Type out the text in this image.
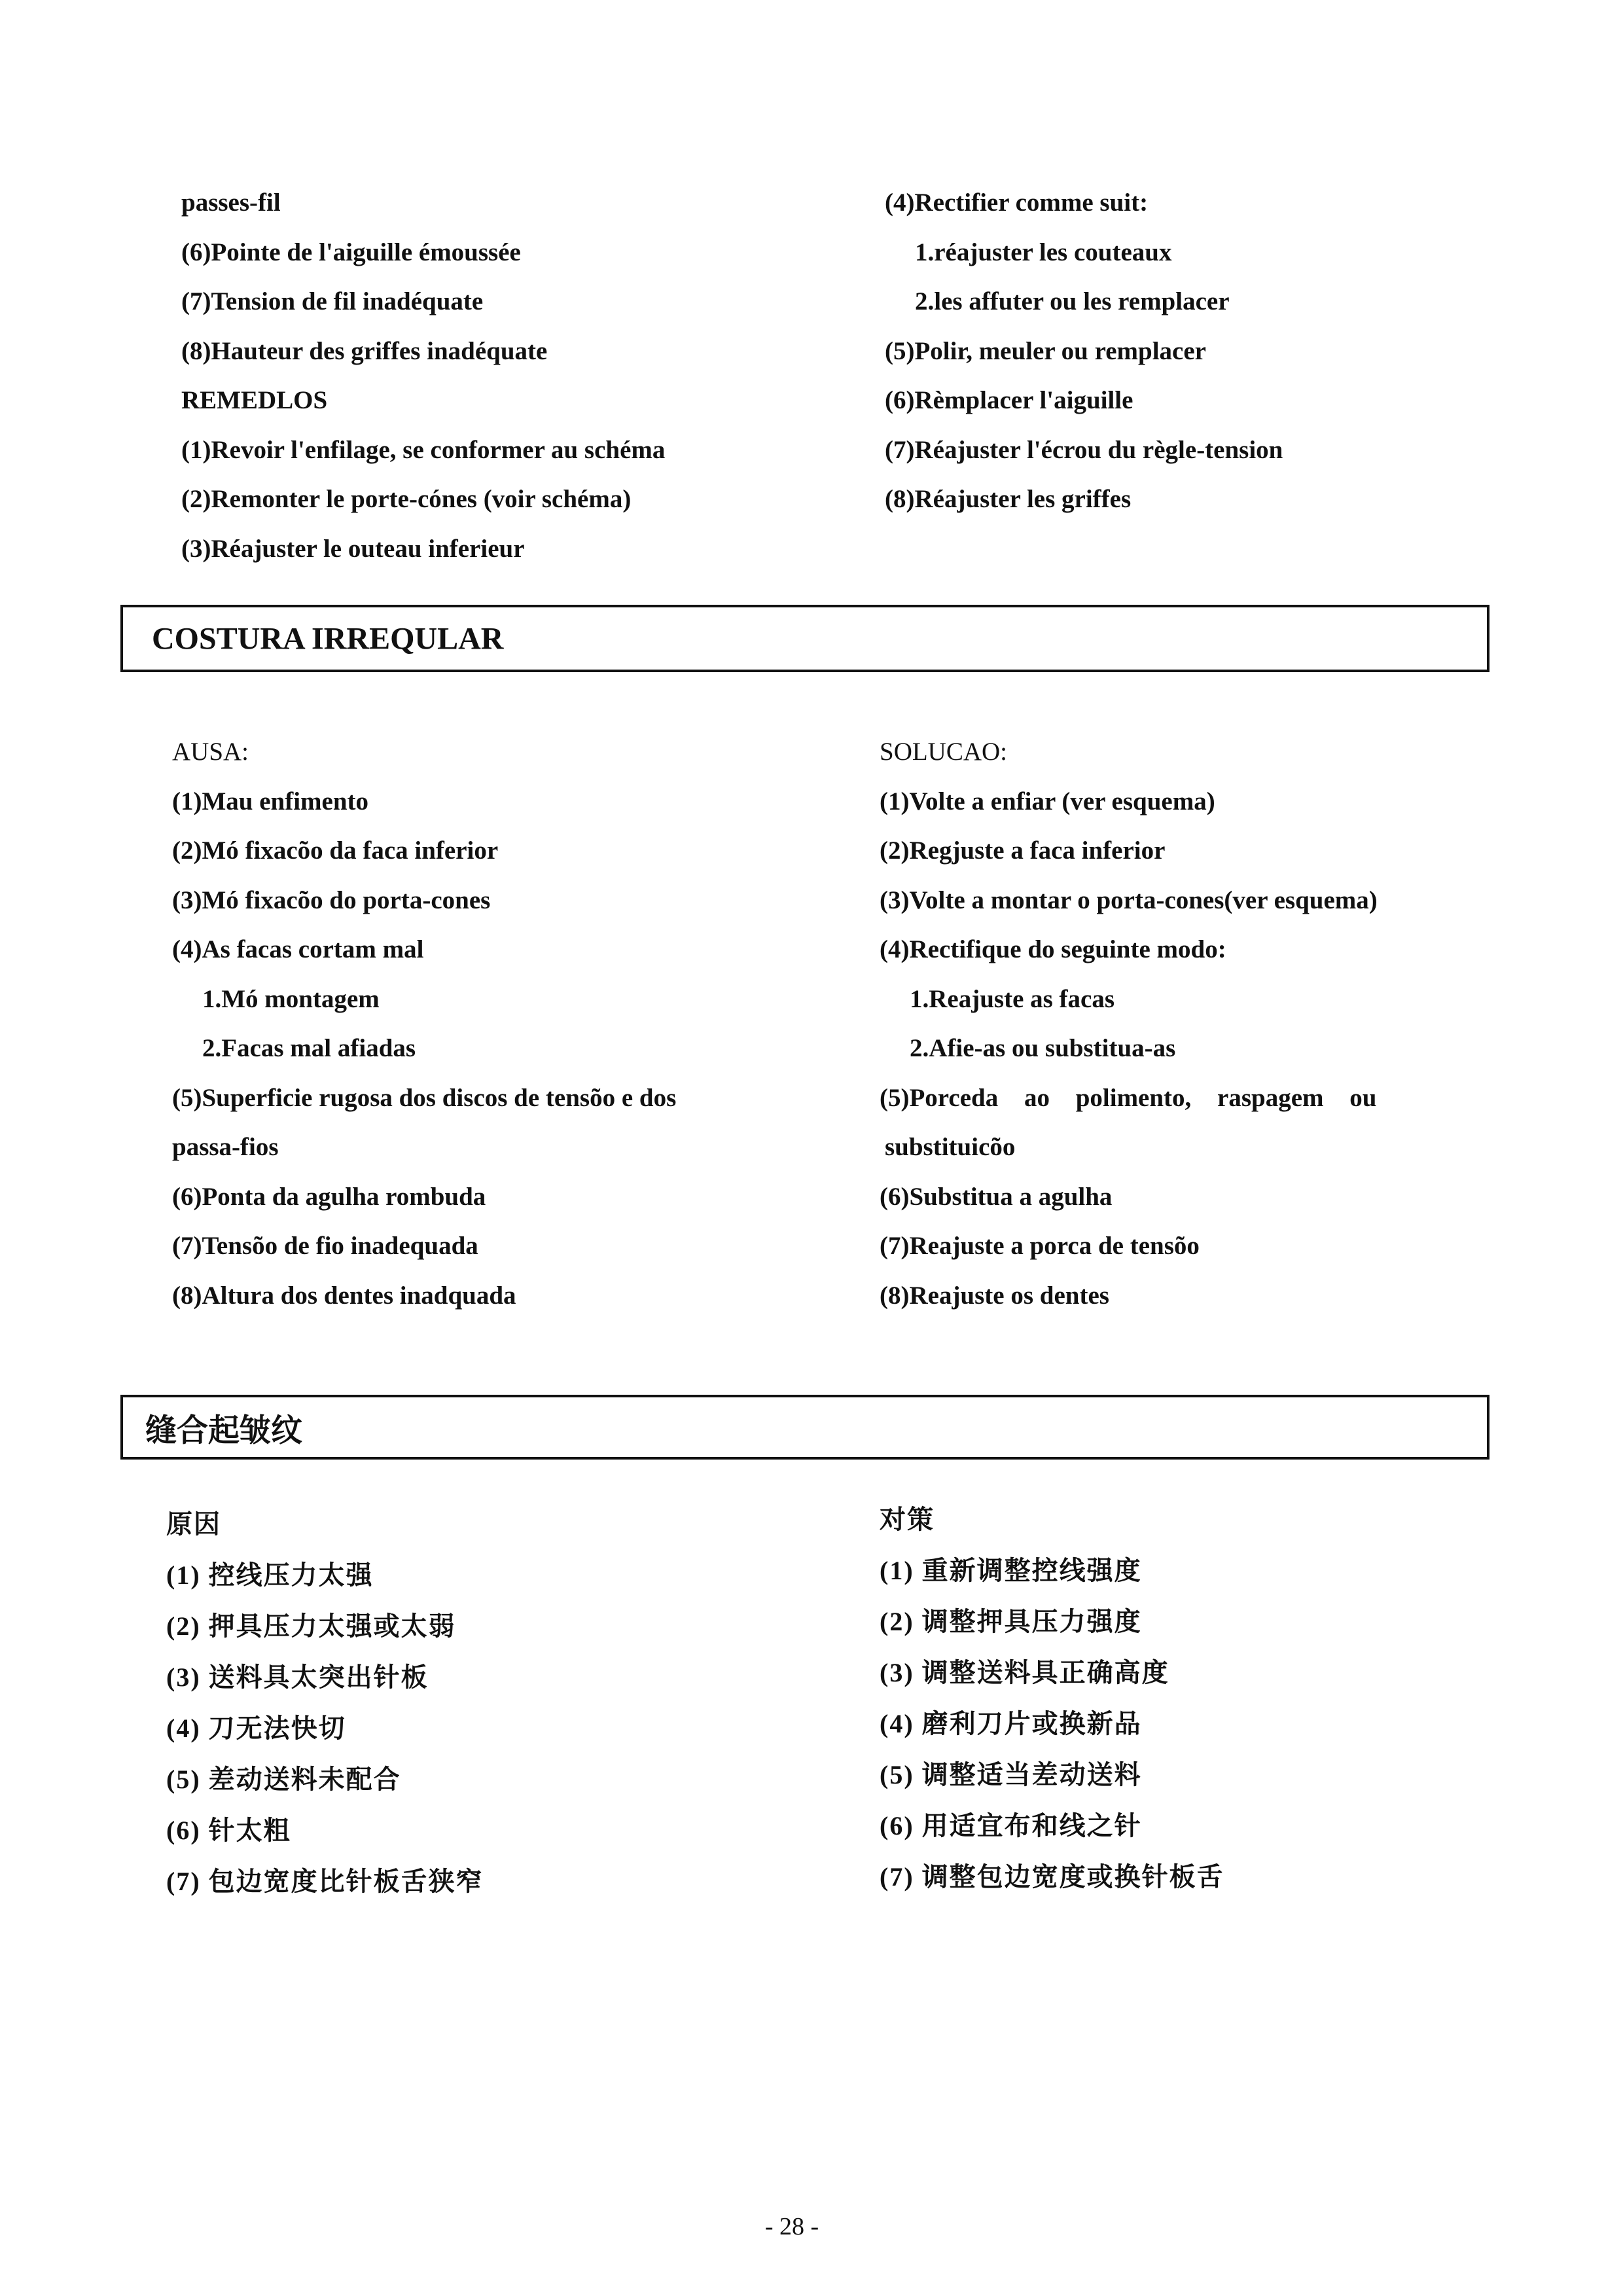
passes-fil
(6)Pointe de l'aiguille émoussée
(7)Tension de fil inadéquate
(8)Hauteur des griffes inadéquate
REMEDLOS
(1)Revoir l'enfilage, se conformer au schéma
(2)Remonter le porte-cónes (voir schéma)
(3)Réajuster le outeau inferieur
(4)Rectifier comme suit:
1.réajuster les couteaux
2.les affuter ou les remplacer
(5)Polir, meuler ou remplacer
(6)Rèmplacer l'aiguille
(7)Réajuster l'écrou du règle-tension
(8)Réajuster les griffes
COSTURA IRREQULAR
AUSA:
(1)Mau enfimento
(2)Mó fixacõo da faca inferior
(3)Mó fixacõo do porta-cones
(4)As facas cortam mal
1.Mó montagem
2.Facas mal afiadas
(5)Superficie rugosa dos discos de tensõo e dos
passa-fios
(6)Ponta da agulha rombuda
(7)Tensõo de fio inadequada
(8)Altura dos dentes inadquada
SOLUCAO:
(1)Volte a enfiar (ver esquema)
(2)Regjuste a faca inferior
(3)Volte a montar o porta-cones(ver esquema)
(4)Rectifique do seguinte modo:
1.Reajuste as facas
2.Afie-as ou substitua-as
(5)Porceda ao polimento, raspagem ou
substituicõo
(6)Substitua a agulha
(7)Reajuste a porca de tensõo
(8)Reajuste os dentes
缝合起皱纹
原因
(1) 控线压力太强
(2) 押具压力太强或太弱
(3) 送料具太突出针板
(4) 刀无法快切
(5) 差动送料未配合
(6) 针太粗
(7) 包边宽度比针板舌狭窄
对策
(1) 重新调整控线强度
(2) 调整押具压力强度
(3) 调整送料具正确高度
(4) 磨利刀片或换新品
(5) 调整适当差动送料
(6) 用适宜布和线之针
(7) 调整包边宽度或换针板舌
- 28 -
